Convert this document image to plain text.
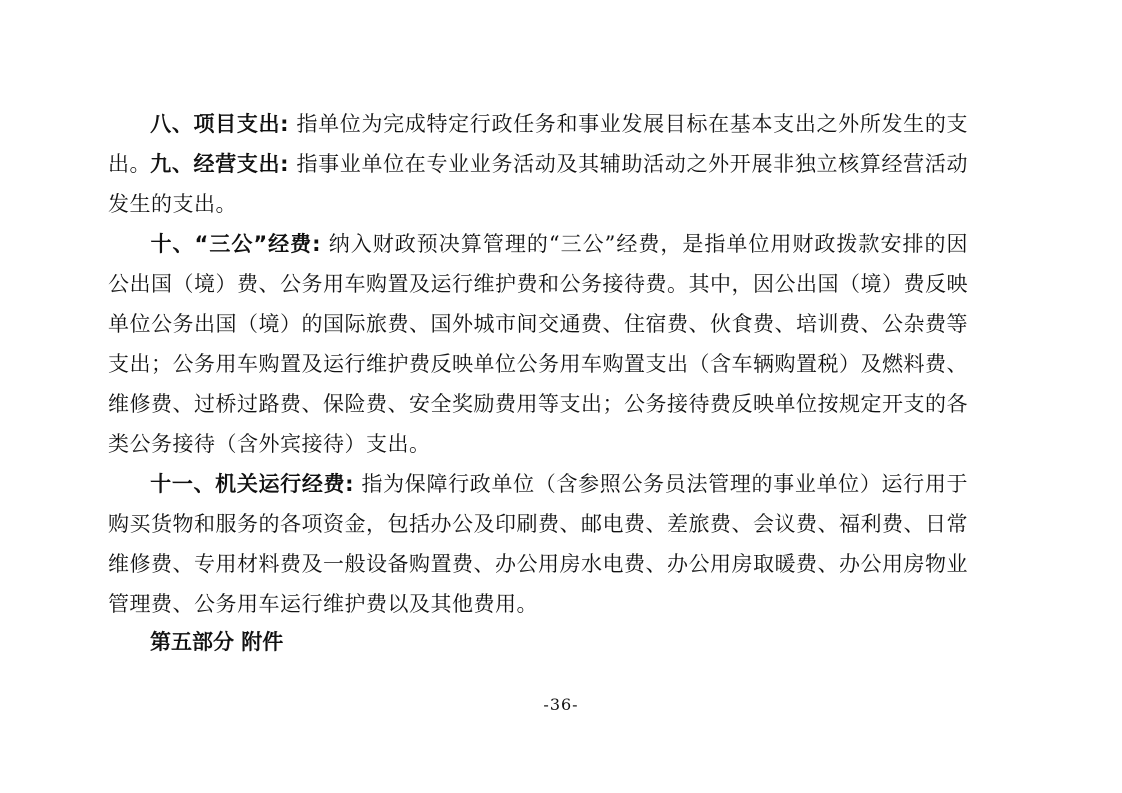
八、项目支出: 指单位为完成特定行政任务和事业发展目标在基本支出之外所发生的支出。 九、经营支出: 指事业单位在专业业务活动及其辅助活动之外开展非独立核算经营活动发生的支出。

十、“三公”经费: 纳入财政预决算管理的“三公”经费，是指单位用财政拨款安排的因公出国（境）费、公务用车购置及运行维护费和公务接待费。其中，因公出国（境）费反映单位公务出国（境）的国际旅费、国外城市间交通费、住宿费、伙食费、培训费、公杂费等支出；公务用车购置及运行维护费反映单位公务用车购置支出（含车辆购置税）及燃料费、维修费、过桥过路费、保险费、安全奖励费用等支出；公务接待费反映单位按规定开支的各类公务接待（含外宾接待）支出。

十一、机关运行经费: 指为保障行政单位（含参照公务员法管理的事业单位）运行用于购买货物和服务的各项资金，包括办公及印刷费、邮电费、差旅费、会议费、福利费、日常维修费、专用材料费及一般设备购置费、办公用房水电费、办公用房取暖费、办公用房物业管理费、公务用车运行维护费以及其他费用。

第五部分 附件

-36-
